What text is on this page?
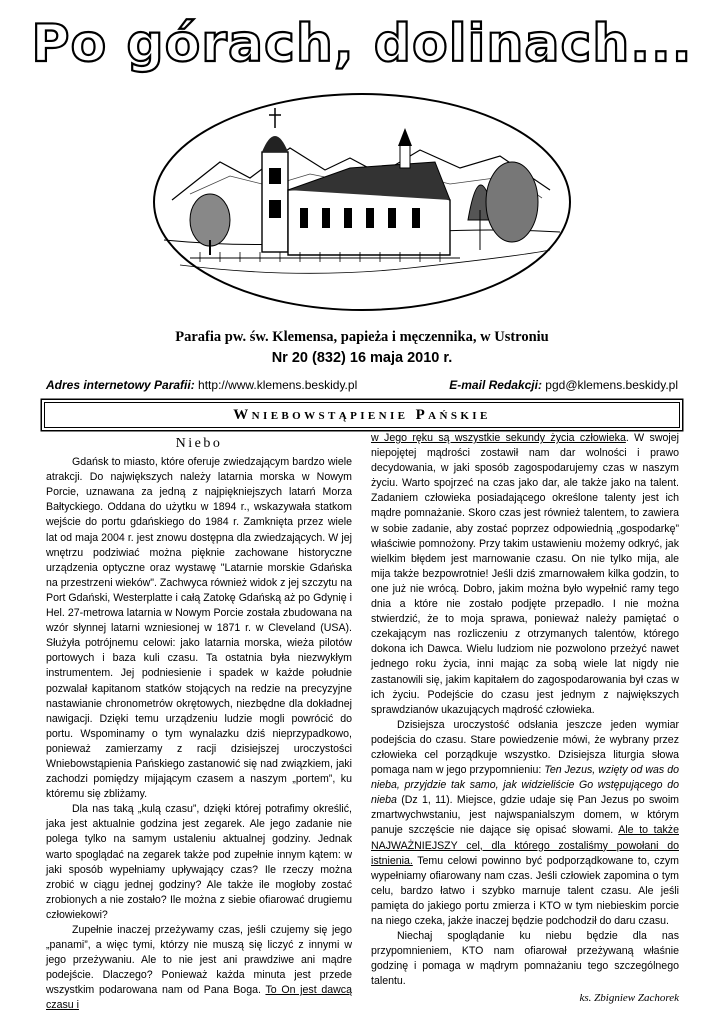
Po górach, dolinach...
Parafia pw. św. Klemensa, papieża i męczennika, w Ustroniu
Nr 20 (832) 16 maja 2010 r.
Adres internetowy Parafii: http://www.klemens.beskidy.pl	E-mail Redakcji: pgd@klemens.beskidy.pl
Wniebowstąpienie Pańskie
Niebo

Gdańsk to miasto, które oferuje zwiedzającym bardzo wiele atrakcji. Do największych należy latarnia morska w Nowym Porcie, uznawana za jedną z najpiękniejszych latarń Morza Bałtyckiego. Oddana do użytku w 1894 r., wskazywała statkom wejście do portu gdańskiego do 1984 r. Zamknięta przez wiele lat od maja 2004 r. jest znowu dostępna dla zwiedzających. W jej wnętrzu podziwiać można pięknie zachowane historyczne urządzenia optyczne oraz wystawę "Latarnie morskie Gdańska na przestrzeni wieków". Zachwyca również widok z jej szczytu na Port Gdański, Westerplatte i całą Zatokę Gdańską aż po Gdynię i Hel. 27-metrowa latarnia w Nowym Porcie została zbudowana na wzór słynnej latarni wzniesionej w 1871 r. w Cleveland (USA). Służyła potrójnemu celowi: jako latarnia morska, wieża pilotów portowych i baza kuli czasu. Ta ostatnia była niezwykłym instrumentem. Jej podniesienie i spadek w każde południe pozwalał kapitanom statków stojących na redzie na precyzyjne nastawianie chronometrów okrętowych, niezbędne dla dokładnej nawigacji. Dzięki temu urządzeniu ludzie mogli powrócić do portu. Wspominamy o tym wynalazku dziś nieprzypadkowo, ponieważ zamierzamy z racji dzisiejszej uroczystości Wniebowstąpienia Pańskiego zastanowić się nad związkiem, jaki zachodzi pomiędzy mijającym czasem a naszym „portem”, ku któremu się zbliżamy.

Dla nas taką „kulą czasu”, dzięki której potrafimy określić, jaka jest aktualnie godzina jest zegarek. Ale jego zadanie nie polega tylko na samym ustaleniu aktualnej godziny. Jednak warto spoglądać na zegarek także pod zupełnie innym kątem: w jaki sposób wypełniamy upływający czas? Ile rzeczy można zrobić w ciągu jednej godziny? Ale także ile mogłoby zostać zrobionych a nie zostało? Ile można z siebie ofiarować drugiemu człowiekowi?

Zupełnie inaczej przeżywamy czas, jeśli czujemy się jego „panami”, a więc tymi, którzy nie muszą się liczyć z innymi w jego przeżywaniu. Ale to nie jest ani prawdziwe ani mądre podejście. Dlaczego? Ponieważ każda minuta jest przede wszystkim podarowana nam od Pana Boga. To On jest dawcą czasu i

w Jego ręku są wszystkie sekundy życia człowieka. W swojej niepojętej mądrości zostawił nam dar wolności i prawo decydowania, w jaki sposób zagospodarujemy czas w naszym życiu. Warto spojrzeć na czas jako dar, ale także jako na talent. Zadaniem człowieka posiadającego określone talenty jest ich mądre pomnażanie. Skoro czas jest również talentem, to zawiera w sobie zadanie, aby zostać poprzez odpowiednią „gospodarkę” właściwie pomnożony. Przy takim ustawieniu możemy odkryć, jak wielkim błędem jest marnowanie czasu. On nie tylko mija, ale mija także bezpowrotnie! Jeśli dziś zmarnowałem kilka godzin, to one już nie wrócą. Dobro, jakim można było wypełnić ramy tego dnia a które nie zostało podjęte przepadło. I nie można stwierdzić, że to moja sprawa, ponieważ należy pamiętać o czekającym nas rozliczeniu z otrzymanych talentów, którego dokona ich Dawca. Wielu ludziom nie pozwolono przeżyć nawet jednego roku życia, inni mając za sobą wiele lat nigdy nie zastanowili się, jakim kapitałem do zagospodarowania był czas w ich życiu. Podejście do czasu jest jednym z największych sprawdzianów ukazujących mądrość człowieka.

Dzisiejsza uroczystość odsłania jeszcze jeden wymiar podejścia do czasu. Stare powiedzenie mówi, że wybrany przez człowieka cel porządkuje wszystko. Dzisiejsza liturgia słowa pomaga nam w jego przypomnieniu: Ten Jezus, wzięty od was do nieba, przyjdzie tak samo, jak widzieliście Go wstępującego do nieba (Dz 1, 11). Miejsce, gdzie udaje się Pan Jezus po swoim zmartwychwstaniu, jest najwspanialszym domem, w którym panuje szczęście nie dające się opisać słowami. Ale to także NAJWAŻNIEJSZY cel, dla którego zostaliśmy powołani do istnienia. Temu celowi powinno być podporządkowane to, czym wypełniamy ofiarowany nam czas. Jeśli człowiek zapomina o tym celu, bardzo łatwo i szybko marnuje talent czasu. Ale jeśli pamięta do jakiego portu zmierza i KTO w tym niebieskim porcie na niego czeka, jakże inaczej będzie podchodził do daru czasu.

Niechaj spoglądanie ku niebu będzie dla nas przypomnieniem, KTO nam ofiarował przeżywaną właśnie godzinę i pomaga w mądrym pomnażaniu tego szczególnego talentu.

ks. Zbigniew Zachorek
